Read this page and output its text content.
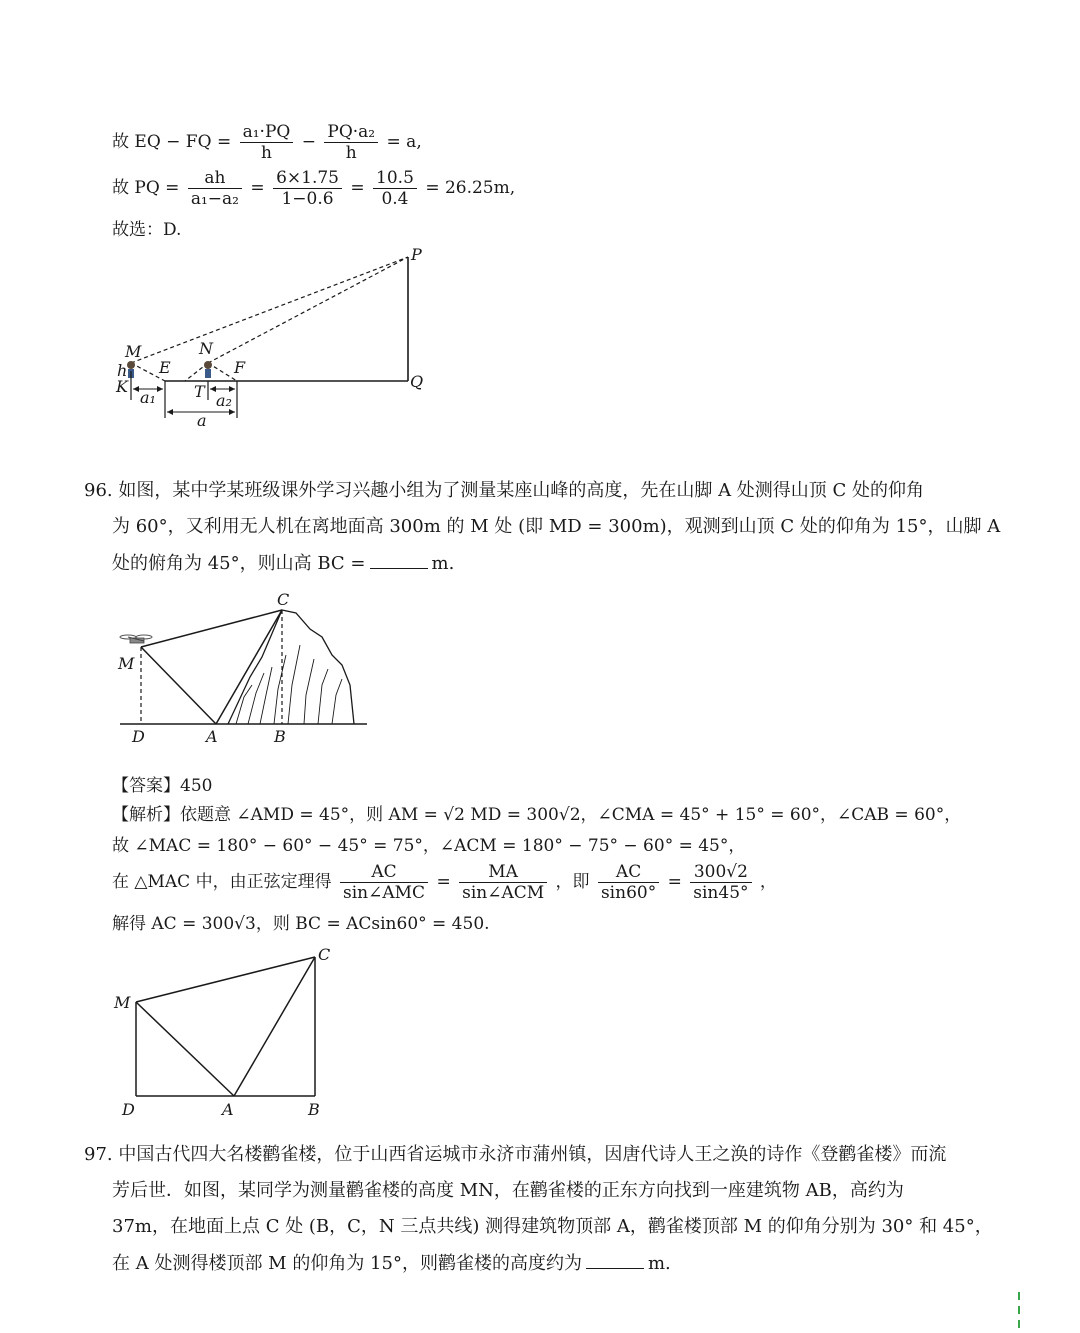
故 EQ − FQ = $\frac{\text{a₁·PQ}}{h} - \frac{\text{PQ·a₂}}{h} = a$,
故 PQ = $\frac{ah}{\text{a₁−a₂}} = \frac{6\times 1.75}{1-0.6} = \frac{10.5}{0.4} = 26.25m$,
故选：D.
P
Q
M	N
E	F
K	T
h
a₁	a₂
a
96. 如图，某中学某班级课外学习兴趣小组为了测量某座山峰的高度，先在山脚 A 处测得山顶 C 处的仰角
为 60°，又利用无人机在离地面高 300m 的 M 处 (即 MD = 300m)，观测到山顶 C 处的仰角为 15°，山脚 A
处的俯角为 45°，则山高 BC =	m.
C
M
D	A	B
【答案】450
【解析】依题意 ∠AMD = 45°，则 AM = √2 MD = 300√2，∠CMA = 45° + 15° = 60°，∠CAB = 60°，
故 ∠MAC = 180° − 60° − 45° = 75°，∠ACM = 180° − 75° − 60° = 45°，
在 △MAC 中，由正弦定理得 $\frac{AC}{\text{sin∠AMC}} = \frac{MA}{\text{sin∠ACM}}$ ，即 $\frac{AC}{\sin 60^\circ} = \frac{300√2}{\sin 45^\circ}$ ，
解得 AC = 300√3，则 BC = ACsin60° = 450.
C
M
D	A	B
97. 中国古代四大名楼鹳雀楼，位于山西省运城市永济市蒲州镇，因唐代诗人王之涣的诗作《登鹳雀楼》而流
芳后世．如图，某同学为测量鹳雀楼的高度 MN，在鹳雀楼的正东方向找到一座建筑物 AB，高约为
37m，在地面上点 C 处 (B，C，N 三点共线) 测得建筑物顶部 A，鹳雀楼顶部 M 的仰角分别为 30° 和 45°，
在 A 处测得楼顶部 M 的仰角为 15°，则鹳雀楼的高度约为	m.
